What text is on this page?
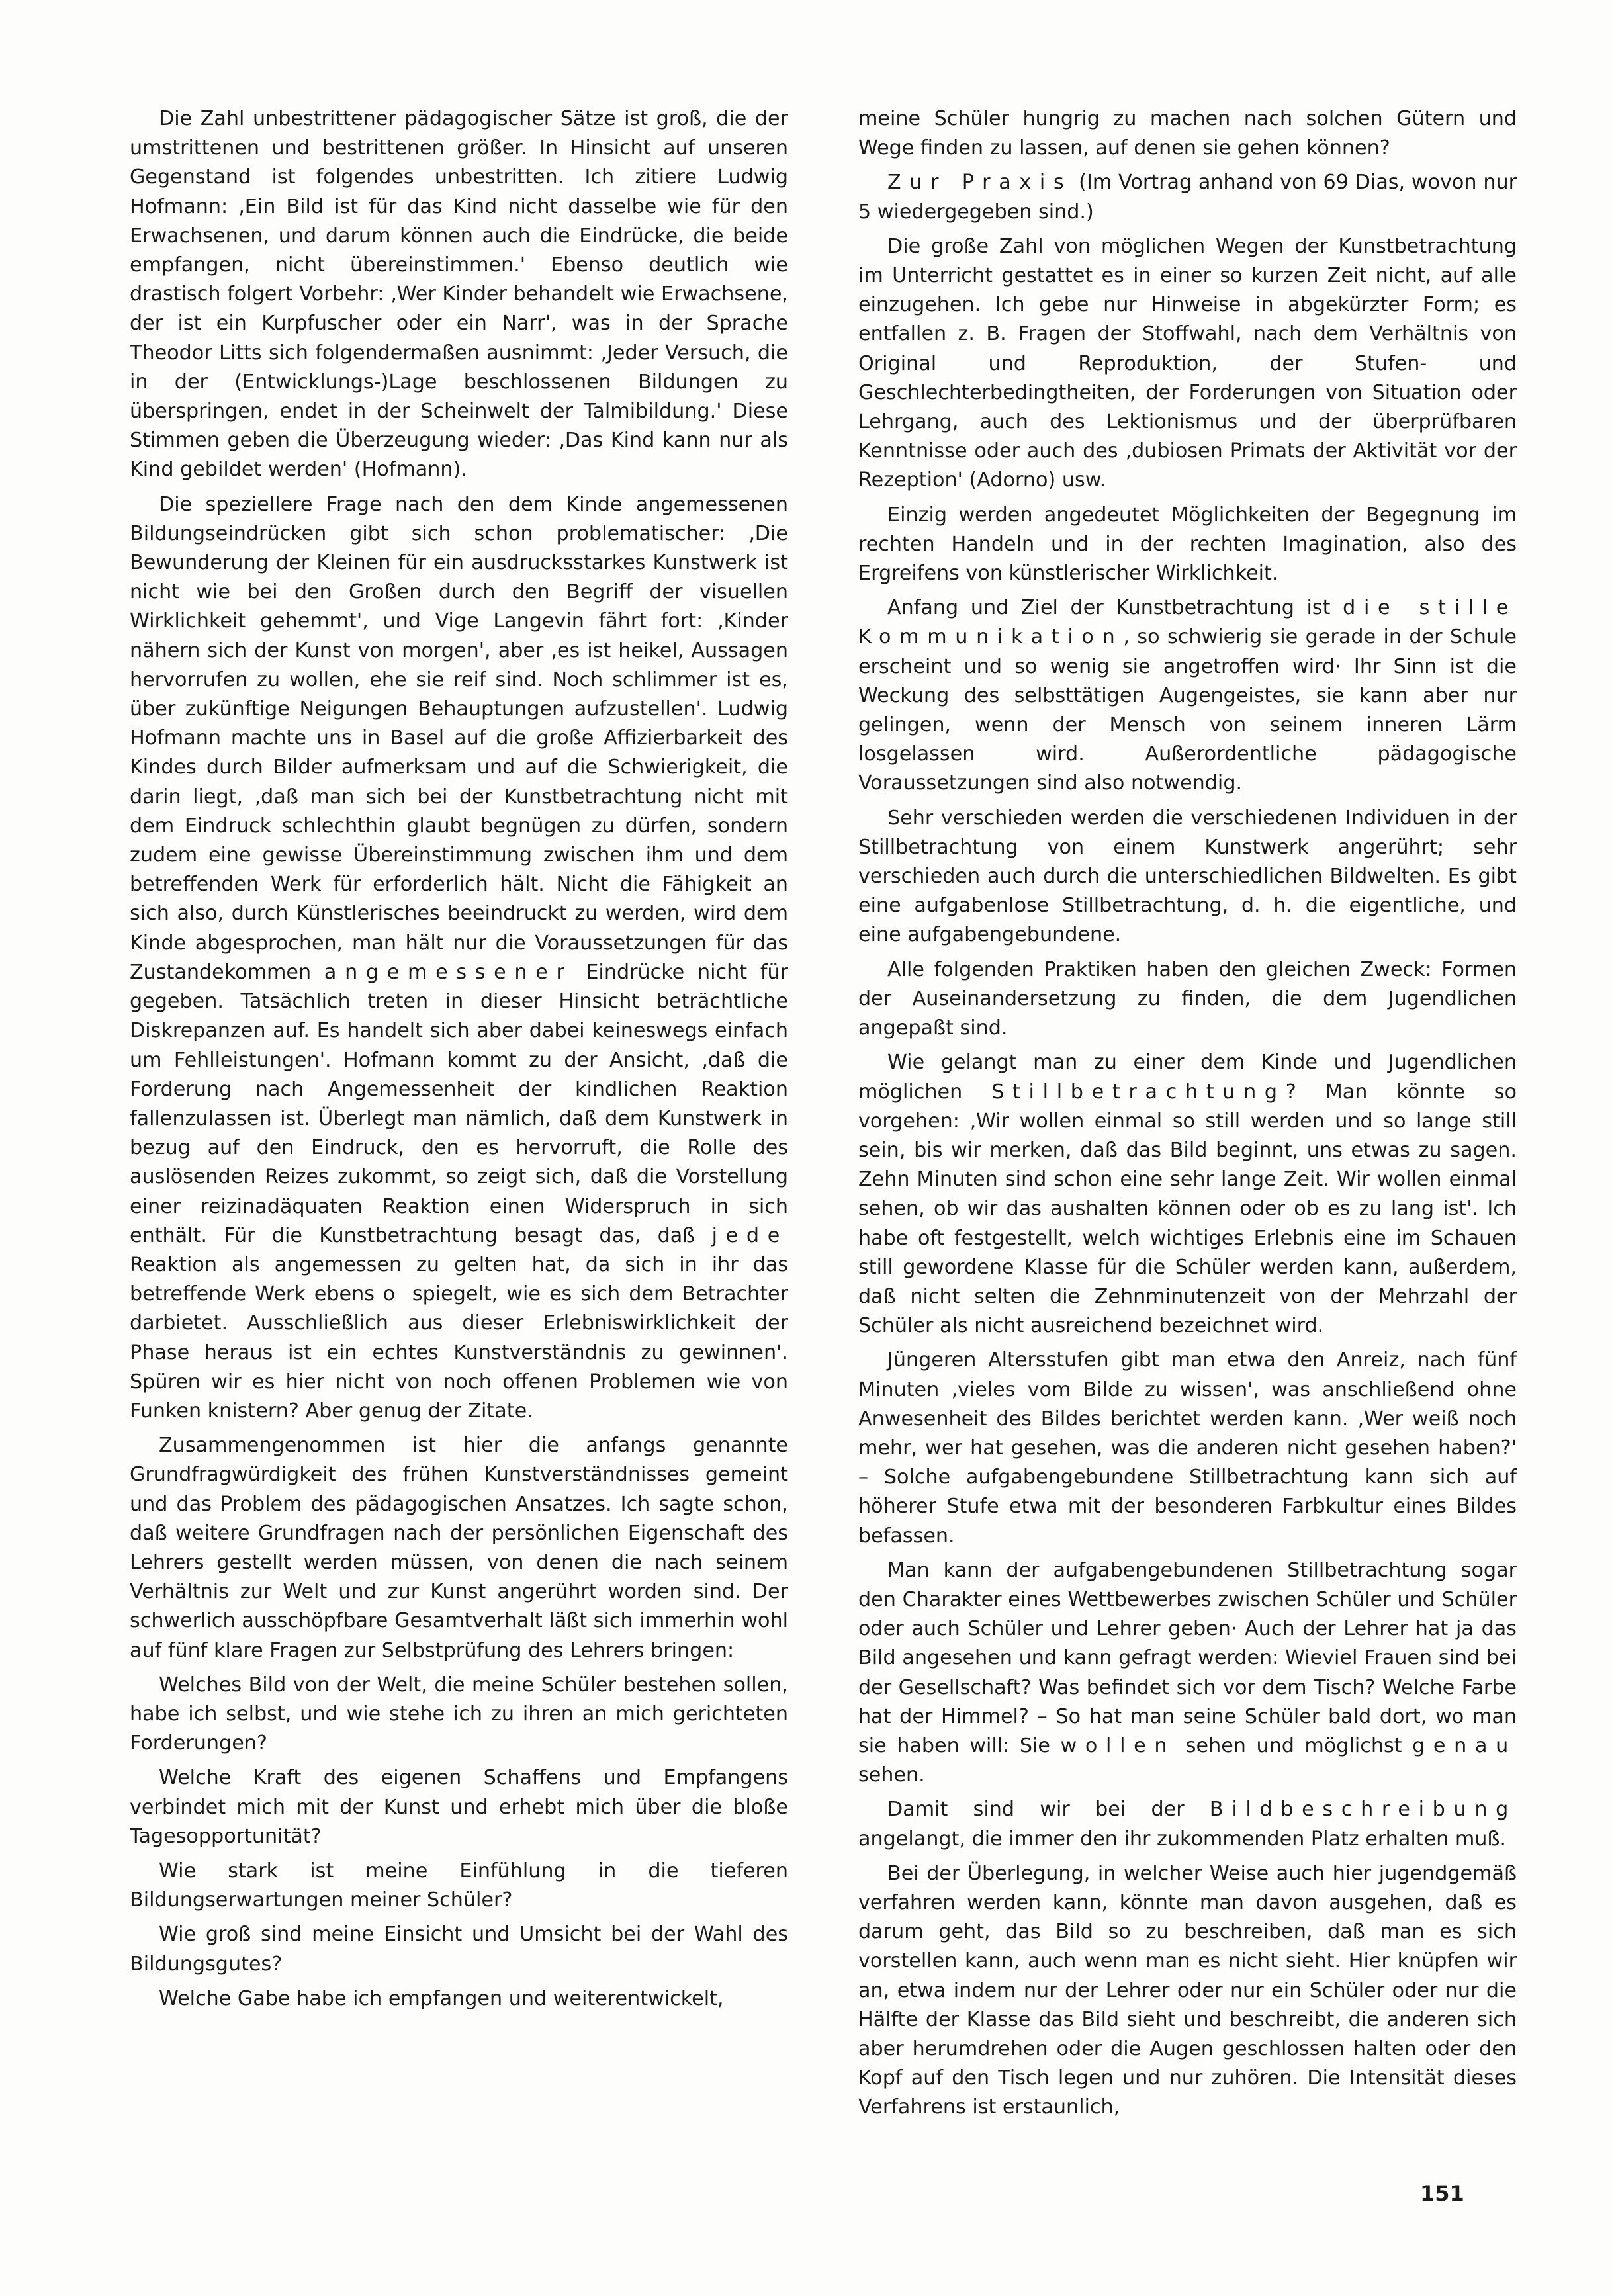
Die Zahl unbestrittener pädagogischer Sätze ist groß, die der umstrittenen und bestrittenen größer. In Hinsicht auf unseren Gegenstand ist folgendes unbestritten. Ich zitiere Ludwig Hofmann: ‚Ein Bild ist für das Kind nicht dasselbe wie für den Erwachsenen, und darum können auch die Eindrücke, die beide empfangen, nicht übereinstimmen.' Ebenso deutlich wie drastisch folgert Vorbehr: ‚Wer Kinder behandelt wie Erwachsene, der ist ein Kurpfuscher oder ein Narr', was in der Sprache Theodor Litts sich folgendermaßen ausnimmt: ‚Jeder Versuch, die in der (Entwicklungs-)Lage beschlossenen Bildungen zu überspringen, endet in der Scheinwelt der Talmibildung.' Diese Stimmen geben die Überzeugung wieder: ‚Das Kind kann nur als Kind gebildet werden' (Hofmann).

Die speziellere Frage nach den dem Kinde angemessenen Bildungseindrücken gibt sich schon problematischer: ‚Die Bewunderung der Kleinen für ein ausdrucksstarkes Kunstwerk ist nicht wie bei den Großen durch den Begriff der visuellen Wirklichkeit gehemmt', und Vige Langevin fährt fort: ‚Kinder nähern sich der Kunst von morgen', aber ‚es ist heikel, Aussagen hervorrufen zu wollen, ehe sie reif sind. Noch schlimmer ist es, über zukünftige Neigungen Behauptungen aufzustellen'. Ludwig Hofmann machte uns in Basel auf die große Affizierbarkeit des Kindes durch Bilder aufmerksam und auf die Schwierigkeit, die darin liegt, ‚daß man sich bei der Kunstbetrachtung nicht mit dem Eindruck schlechthin glaubt begnügen zu dürfen, sondern zudem eine gewisse Übereinstimmung zwischen ihm und dem betreffenden Werk für erforderlich hält. Nicht die Fähigkeit an sich also, durch Künstlerisches beeindruckt zu werden, wird dem Kinde abgesprochen, man hält nur die Voraussetzungen für das Zustandekommen angemessener Eindrücke nicht für gegeben. Tatsächlich treten in dieser Hinsicht beträchtliche Diskrepanzen auf. Es handelt sich aber dabei keineswegs einfach um Fehlleistungen'. Hofmann kommt zu der Ansicht, ‚daß die Forderung nach Angemessenheit der kindlichen Reaktion fallenzulassen ist. Überlegt man nämlich, daß dem Kunstwerk in bezug auf den Eindruck, den es hervorruft, die Rolle des auslösenden Reizes zukommt, so zeigt sich, daß die Vorstellung einer reizinadäquaten Reaktion einen Widerspruch in sich enthält. Für die Kunstbetrachtung besagt das, daß jede Reaktion als angemessen zu gelten hat, da sich in ihr das betreffende Werk ebenso spiegelt, wie es sich dem Betrachter darbietet. Ausschließlich aus dieser Erlebniswirklichkeit der Phase heraus ist ein echtes Kunstverständnis zu gewinnen'. Spüren wir es hier nicht von noch offenen Problemen wie von Funken knistern? Aber genug der Zitate.

Zusammengenommen ist hier die anfangs genannte Grundfragwürdigkeit des frühen Kunstverständnisses gemeint und das Problem des pädagogischen Ansatzes. Ich sagte schon, daß weitere Grundfragen nach der persönlichen Eigenschaft des Lehrers gestellt werden müssen, von denen die nach seinem Verhältnis zur Welt und zur Kunst angerührt worden sind. Der schwerlich ausschöpfbare Gesamtverhalt läßt sich immerhin wohl auf fünf klare Fragen zur Selbstprüfung des Lehrers bringen:

Welches Bild von der Welt, die meine Schüler bestehen sollen, habe ich selbst, und wie stehe ich zu ihren an mich gerichteten Forderungen?

Welche Kraft des eigenen Schaffens und Empfangens verbindet mich mit der Kunst und erhebt mich über die bloße Tagesopportunität?

Wie stark ist meine Einfühlung in die tieferen Bildungserwartungen meiner Schüler?

Wie groß sind meine Einsicht und Umsicht bei der Wahl des Bildungsgutes?

Welche Gabe habe ich empfangen und weiterentwickelt,

meine Schüler hungrig zu machen nach solchen Gütern und Wege finden zu lassen, auf denen sie gehen können?

Zur Praxis (Im Vortrag anhand von 69 Dias, wovon nur 5 wiedergegeben sind.)

Die große Zahl von möglichen Wegen der Kunstbetrachtung im Unterricht gestattet es in einer so kurzen Zeit nicht, auf alle einzugehen. Ich gebe nur Hinweise in abgekürzter Form; es entfallen z. B. Fragen der Stoffwahl, nach dem Verhältnis von Original und Reproduktion, der Stufen- und Geschlechterbedingtheiten, der Forderungen von Situation oder Lehrgang, auch des Lektionismus und der überprüfbaren Kenntnisse oder auch des ‚dubiosen Primats der Aktivität vor der Rezeption' (Adorno) usw.

Einzig werden angedeutet Möglichkeiten der Begegnung im rechten Handeln und in der rechten Imagination, also des Ergreifens von künstlerischer Wirklichkeit.

Anfang und Ziel der Kunstbetrachtung ist die stille Kommunikation, so schwierig sie gerade in der Schule erscheint und so wenig sie angetroffen wird· Ihr Sinn ist die Weckung des selbsttätigen Augengeistes, sie kann aber nur gelingen, wenn der Mensch von seinem inneren Lärm losgelassen wird. Außerordentliche pädagogische Voraussetzungen sind also notwendig.

Sehr verschieden werden die verschiedenen Individuen in der Stillbetrachtung von einem Kunstwerk angerührt; sehr verschieden auch durch die unterschiedlichen Bildwelten. Es gibt eine aufgabenlose Stillbetrachtung, d. h. die eigentliche, und eine aufgabengebundene.

Alle folgenden Praktiken haben den gleichen Zweck: Formen der Auseinandersetzung zu finden, die dem Jugendlichen angepaßt sind.

Wie gelangt man zu einer dem Kinde und Jugendlichen möglichen Stillbetrachtung? Man könnte so vorgehen: ‚Wir wollen einmal so still werden und so lange still sein, bis wir merken, daß das Bild beginnt, uns etwas zu sagen. Zehn Minuten sind schon eine sehr lange Zeit. Wir wollen einmal sehen, ob wir das aushalten können oder ob es zu lang ist'. Ich habe oft festgestellt, welch wichtiges Erlebnis eine im Schauen still gewordene Klasse für die Schüler werden kann, außerdem, daß nicht selten die Zehnminutenzeit von der Mehrzahl der Schüler als nicht ausreichend bezeichnet wird.

Jüngeren Altersstufen gibt man etwa den Anreiz, nach fünf Minuten ‚vieles vom Bilde zu wissen', was anschließend ohne Anwesenheit des Bildes berichtet werden kann. ‚Wer weiß noch mehr, wer hat gesehen, was die anderen nicht gesehen haben?' – Solche aufgabengebundene Stillbetrachtung kann sich auf höherer Stufe etwa mit der besonderen Farbkultur eines Bildes befassen.

Man kann der aufgabengebundenen Stillbetrachtung sogar den Charakter eines Wettbewerbes zwischen Schüler und Schüler oder auch Schüler und Lehrer geben· Auch der Lehrer hat ja das Bild angesehen und kann gefragt werden: Wieviel Frauen sind bei der Gesellschaft? Was befindet sich vor dem Tisch? Welche Farbe hat der Himmel? – So hat man seine Schüler bald dort, wo man sie haben will: Sie wollen sehen und möglichst genau sehen.

Damit sind wir bei der Bildbeschreibung angelangt, die immer den ihr zukommenden Platz erhalten muß.

Bei der Überlegung, in welcher Weise auch hier jugendgemäß verfahren werden kann, könnte man davon ausgehen, daß es darum geht, das Bild so zu beschreiben, daß man es sich vorstellen kann, auch wenn man es nicht sieht. Hier knüpfen wir an, etwa indem nur der Lehrer oder nur ein Schüler oder nur die Hälfte der Klasse das Bild sieht und beschreibt, die anderen sich aber herumdrehen oder die Augen geschlossen halten oder den Kopf auf den Tisch legen und nur zuhören. Die Intensität dieses Verfahrens ist erstaunlich,

151
